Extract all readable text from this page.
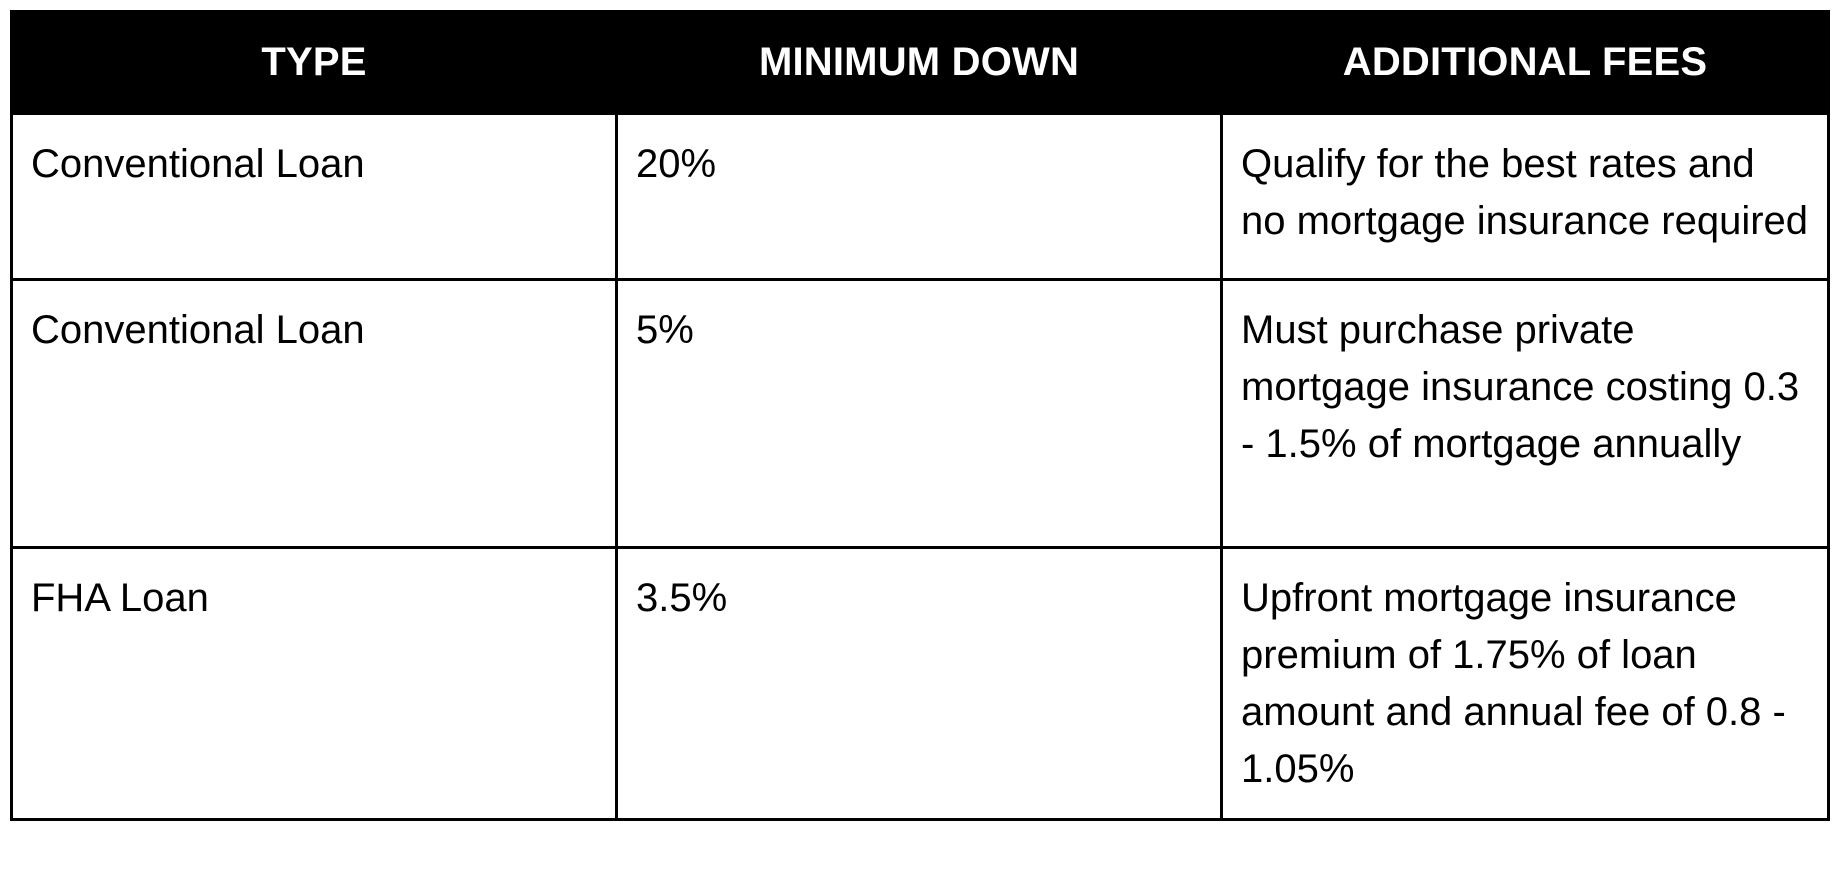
TYPE	MINIMUM DOWN	ADDITIONAL FEES
Conventional Loan	20%	Qualify for the best rates and no mortgage insurance required
Conventional Loan	5%	Must purchase private mortgage insurance costing 0.3 - 1.5% of mortgage annually
FHA Loan	3.5%	Upfront mortgage insurance premium of 1.75% of loan amount and annual fee of 0.8 - 1.05%
